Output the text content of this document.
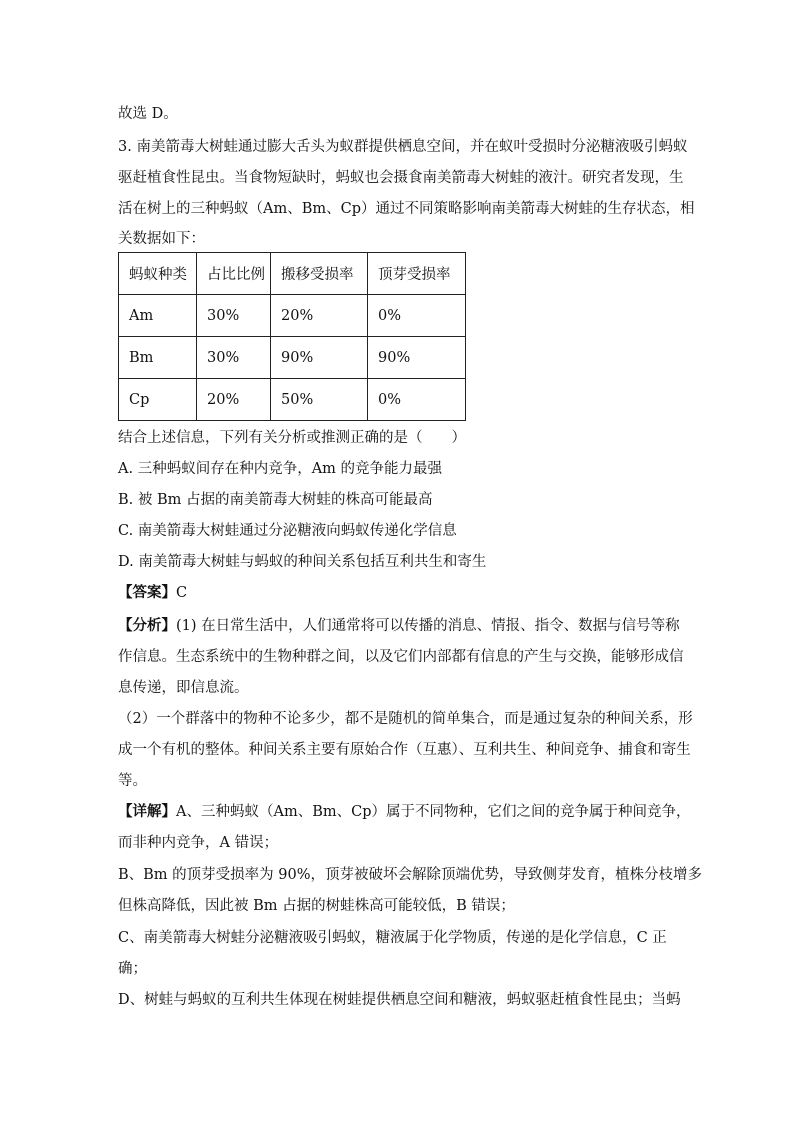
故选 D。
3. 南美箭毒大树蛙通过膨大舌头为蚁群提供栖息空间，并在蚁叶受损时分泌糖液吸引蚂蚁
驱赶植食性昆虫。当食物短缺时，蚂蚁也会摄食南美箭毒大树蛙的液汁。研究者发现，生
活在树上的三种蚂蚁（Am、Bm、Cp）通过不同策略影响南美箭毒大树蛙的生存状态，相
关数据如下：
蚂蚁种类	占比比例	搬移受损率	顶芽受损率
Am	30%	20%	0%
Bm	30%	90%	90%
Cp	20%	50%	0%
结合上述信息，下列有关分析或推测正确的是（　　）
A. 三种蚂蚁间存在种内竞争，Am 的竞争能力最强
B. 被 Bm 占据的南美箭毒大树蛙的株高可能最高
C. 南美箭毒大树蛙通过分泌糖液向蚂蚁传递化学信息
D. 南美箭毒大树蛙与蚂蚁的种间关系包括互利共生和寄生
【答案】C
【分析】(1) 在日常生活中，人们通常将可以传播的消息、情报、指令、数据与信号等称
作信息。生态系统中的生物种群之间，以及它们内部都有信息的产生与交换，能够形成信
息传递，即信息流。
（2）一个群落中的物种不论多少，都不是随机的简单集合，而是通过复杂的种间关系，形
成一个有机的整体。种间关系主要有原始合作（互惠）、互利共生、种间竞争、捕食和寄生
等。
【详解】A、三种蚂蚁（Am、Bm、Cp）属于不同物种，它们之间的竞争属于种间竞争，
而非种内竞争，A 错误；
B、Bm 的顶芽受损率为 90%，顶芽被破坏会解除顶端优势，导致侧芽发育，植株分枝增多
但株高降低，因此被 Bm 占据的树蛙株高可能较低，B 错误；
C、南美箭毒大树蛙分泌糖液吸引蚂蚁，糖液属于化学物质，传递的是化学信息，C 正
确；
D、树蛙与蚂蚁的互利共生体现在树蛙提供栖息空间和糖液，蚂蚁驱赶植食性昆虫；当蚂
